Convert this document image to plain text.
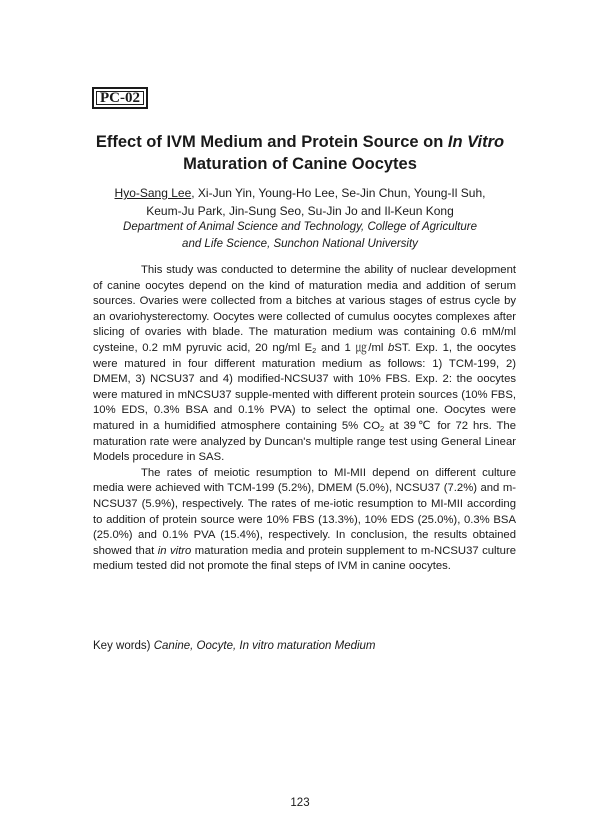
PC-02
Effect of IVM Medium and Protein Source on In Vitro
Maturation of Canine Oocytes
Hyo-Sang Lee, Xi-Jun Yin, Young-Ho Lee, Se-Jin Chun, Young-Il Suh,
Keum-Ju Park, Jin-Sung Seo, Su-Jin Jo and Il-Keun Kong
Department of Animal Science and Technology, College of Agriculture
and Life Science, Sunchon National University

This study was conducted to determine the ability of nuclear development of canine oocytes depend on the kind of maturation media and addition of serum sources. Ovaries were collected from a bitches at various stages of estrus cycle by an ovariohysterectomy. Oocytes were collected of cumulus oocytes complexes after slicing of ovaries with blade. The maturation medium was containing 0.6 mM/ml cysteine, 0.2 mM pyruvic acid, 20 ng/ml $E_2$ and 1 ㎍/ml bST. Exp. 1, the oocytes were matured in four different maturation medium as follows: 1) TCM-199, 2) DMEM, 3) NCSU37 and 4) modified-NCSU37 with 10% FBS. Exp. 2: the oocytes were matured in mNCSU37 supple-mented with different protein sources (10% FBS, 10% EDS, 0.3% BSA and 0.1% PVA) to select the optimal one. Oocytes were matured in a humidified atmosphere containing 5% $CO_2$ at 39℃ for 72 hrs. The maturation rate were analyzed by Duncan's multiple range test using General Linear Models procedure in SAS.

The rates of meiotic resumption to MI-MII depend on different culture media were achieved with TCM-199 (5.2%), DMEM (5.0%), NCSU37 (7.2%) and m-NCSU37 (5.9%), respectively. The rates of me-iotic resumption to MI-MII according to addition of protein source were 10% FBS (13.3%), 10% EDS (25.0%), 0.3% BSA (25.0%) and 0.1% PVA (15.4%), respectively. In conclusion, the results obtained showed that in vitro maturation media and protein supplement to m-NCSU37 culture medium tested did not promote the final steps of IVM in canine oocytes.

Key words) Canine, Oocyte, In vitro maturation Medium
123
